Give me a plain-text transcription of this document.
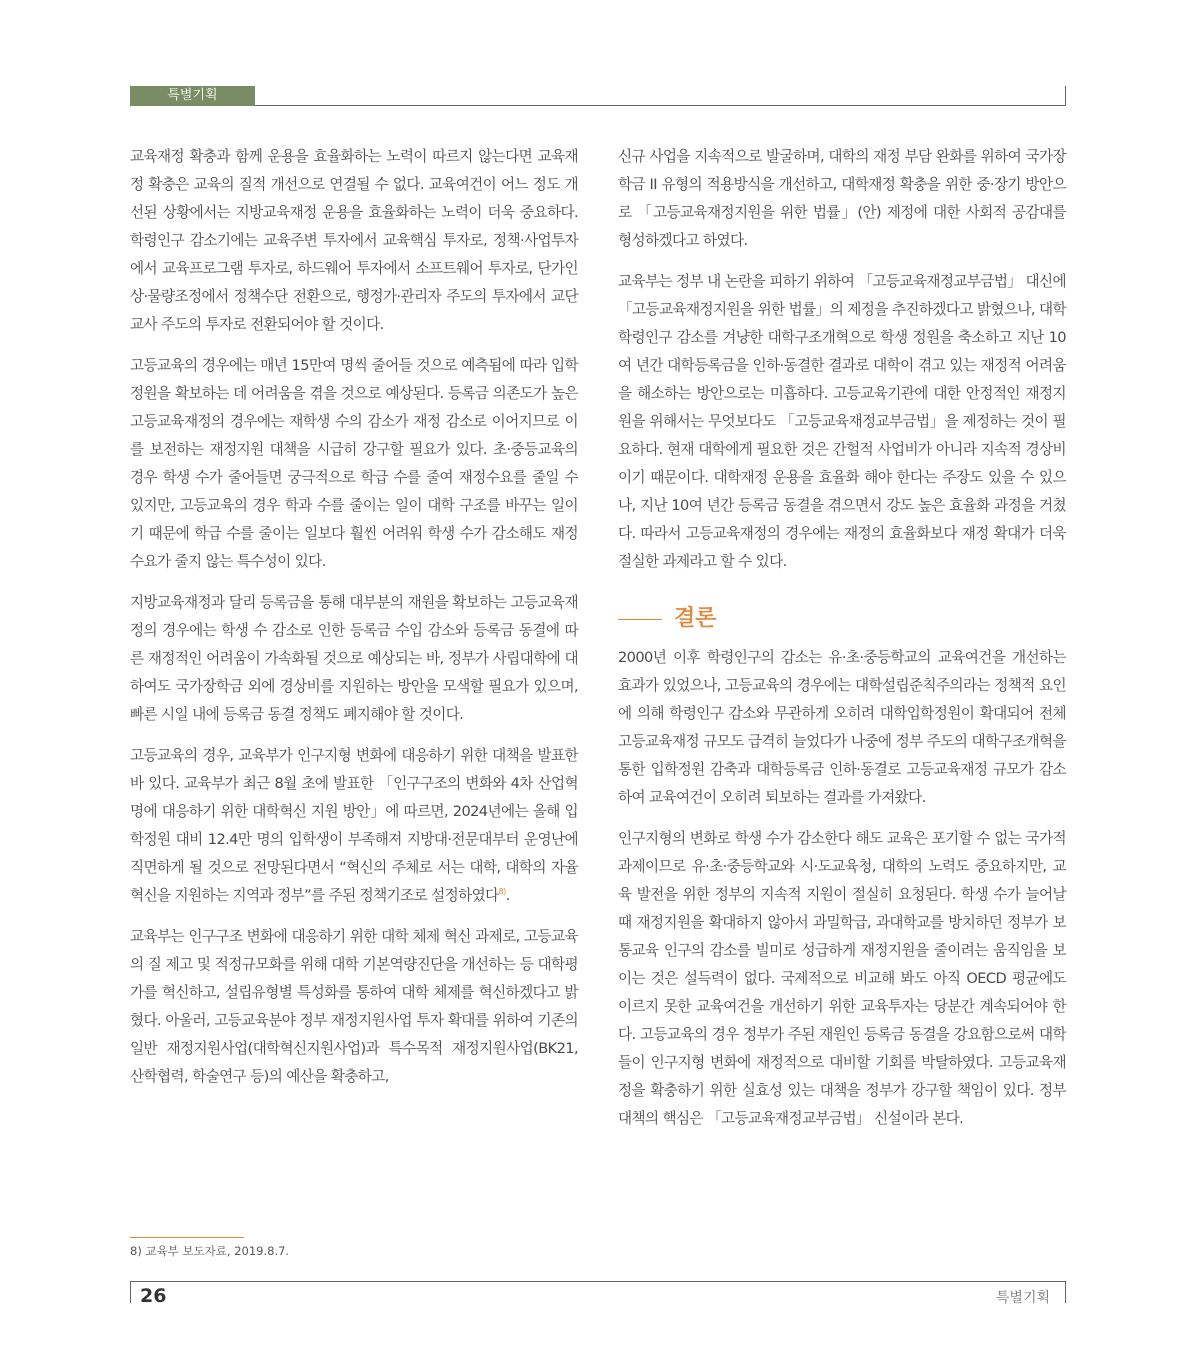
특별기획

교육재정 확충과 함께 운용을 효율화하는 노력이 따르지 않는다면 교육재정 확충은 교육의 질적 개선으로 연결될 수 없다. 교육여건이 어느 정도 개선된 상황에서는 지방교육재정 운용을 효율화하는 노력이 더욱 중요하다. 학령인구 감소기에는 교육주변 투자에서 교육핵심 투자로, 정책·사업투자에서 교육프로그램 투자로, 하드웨어 투자에서 소프트웨어 투자로, 단가인상·물량조정에서 정책수단 전환으로, 행정가·관리자 주도의 투자에서 교단 교사 주도의 투자로 전환되어야 할 것이다.

고등교육의 경우에는 매년 15만여 명씩 줄어들 것으로 예측됨에 따라 입학정원을 확보하는 데 어려움을 겪을 것으로 예상된다. 등록금 의존도가 높은 고등교육재정의 경우에는 재학생 수의 감소가 재정 감소로 이어지므로 이를 보전하는 재정지원 대책을 시급히 강구할 필요가 있다. 초·중등교육의 경우 학생 수가 줄어들면 궁극적으로 학급 수를 줄여 재정수요를 줄일 수 있지만, 고등교육의 경우 학과 수를 줄이는 일이 대학 구조를 바꾸는 일이기 때문에 학급 수를 줄이는 일보다 훨씬 어려워 학생 수가 감소해도 재정수요가 줄지 않는 특수성이 있다.

지방교육재정과 달리 등록금을 통해 대부분의 재원을 확보하는 고등교육재정의 경우에는 학생 수 감소로 인한 등록금 수입 감소와 등록금 동결에 따른 재정적인 어려움이 가속화될 것으로 예상되는 바, 정부가 사립대학에 대하여도 국가장학금 외에 경상비를 지원하는 방안을 모색할 필요가 있으며, 빠른 시일 내에 등록금 동결 정책도 폐지해야 할 것이다.

고등교육의 경우, 교육부가 인구지형 변화에 대응하기 위한 대책을 발표한 바 있다. 교육부가 최근 8월 초에 발표한 「인구구조의 변화와 4차 산업혁명에 대응하기 위한 대학혁신 지원 방안」에 따르면, 2024년에는 올해 입학정원 대비 12.4만 명의 입학생이 부족해져 지방대·전문대부터 운영난에 직면하게 될 것으로 전망된다면서 “혁신의 주체로 서는 대학, 대학의 자율혁신을 지원하는 지역과 정부”를 주된 정책기조로 설정하였다$^{8)}$.

교육부는 인구구조 변화에 대응하기 위한 대학 체제 혁신 과제로, 고등교육의 질 제고 및 적정규모화를 위해 대학 기본역량진단을 개선하는 등 대학평가를 혁신하고, 설립유형별 특성화를 통하여 대학 체제를 혁신하겠다고 밝혔다. 아울러, 고등교육분야 정부 재정지원사업 투자 확대를 위하여 기존의 일반 재정지원사업(대학혁신지원사업)과 특수목적 재정지원사업(BK21, 산학협력, 학술연구 등)의 예산을 확충하고,

신규 사업을 지속적으로 발굴하며, 대학의 재정 부담 완화를 위하여 국가장학금 II 유형의 적용방식을 개선하고, 대학재정 확충을 위한 중·장기 방안으로 「고등교육재정지원을 위한 법률」(안) 제정에 대한 사회적 공감대를 형성하겠다고 하였다.

교육부는 정부 내 논란을 피하기 위하여 「고등교육재정교부금법」 대신에 「고등교육재정지원을 위한 법률」의 제정을 추진하겠다고 밝혔으나, 대학 학령인구 감소를 겨냥한 대학구조개혁으로 학생 정원을 축소하고 지난 10여 년간 대학등록금을 인하·동결한 결과로 대학이 겪고 있는 재정적 어려움을 해소하는 방안으로는 미흡하다. 고등교육기관에 대한 안정적인 재정지원을 위해서는 무엇보다도 「고등교육재정교부금법」을 제정하는 것이 필요하다. 현재 대학에게 필요한 것은 간헐적 사업비가 아니라 지속적 경상비이기 때문이다. 대학재정 운용을 효율화 해야 한다는 주장도 있을 수 있으나, 지난 10여 년간 등록금 동결을 겪으면서 강도 높은 효율화 과정을 거쳤다. 따라서 고등교육재정의 경우에는 재정의 효율화보다 재정 확대가 더욱 절실한 과제라고 할 수 있다.

결론

2000년 이후 학령인구의 감소는 유·초·중등학교의 교육여건을 개선하는 효과가 있었으나, 고등교육의 경우에는 대학설립준칙주의라는 정책적 요인에 의해 학령인구 감소와 무관하게 오히려 대학입학정원이 확대되어 전체 고등교육재정 규모도 급격히 늘었다가 나중에 정부 주도의 대학구조개혁을 통한 입학정원 감축과 대학등록금 인하·동결로 고등교육재정 규모가 감소하여 교육여건이 오히려 퇴보하는 결과를 가져왔다.

인구지형의 변화로 학생 수가 감소한다 해도 교육은 포기할 수 없는 국가적 과제이므로 유·초·중등학교와 시·도교육청, 대학의 노력도 중요하지만, 교육 발전을 위한 정부의 지속적 지원이 절실히 요청된다. 학생 수가 늘어날 때 재정지원을 확대하지 않아서 과밀학급, 과대학교를 방치하던 정부가 보통교육 인구의 감소를 빌미로 성급하게 재정지원을 줄이려는 움직임을 보이는 것은 설득력이 없다. 국제적으로 비교해 봐도 아직 OECD 평균에도 이르지 못한 교육여건을 개선하기 위한 교육투자는 당분간 계속되어야 한다. 고등교육의 경우 정부가 주된 재원인 등록금 동결을 강요함으로써 대학들이 인구지형 변화에 재정적으로 대비할 기회를 박탈하였다. 고등교육재정을 확충하기 위한 실효성 있는 대책을 정부가 강구할 책임이 있다. 정부 대책의 핵심은 「고등교육재정교부금법」 신설이라 본다.

8) 교육부 보도자료, 2019.8.7.
26	특별기획
